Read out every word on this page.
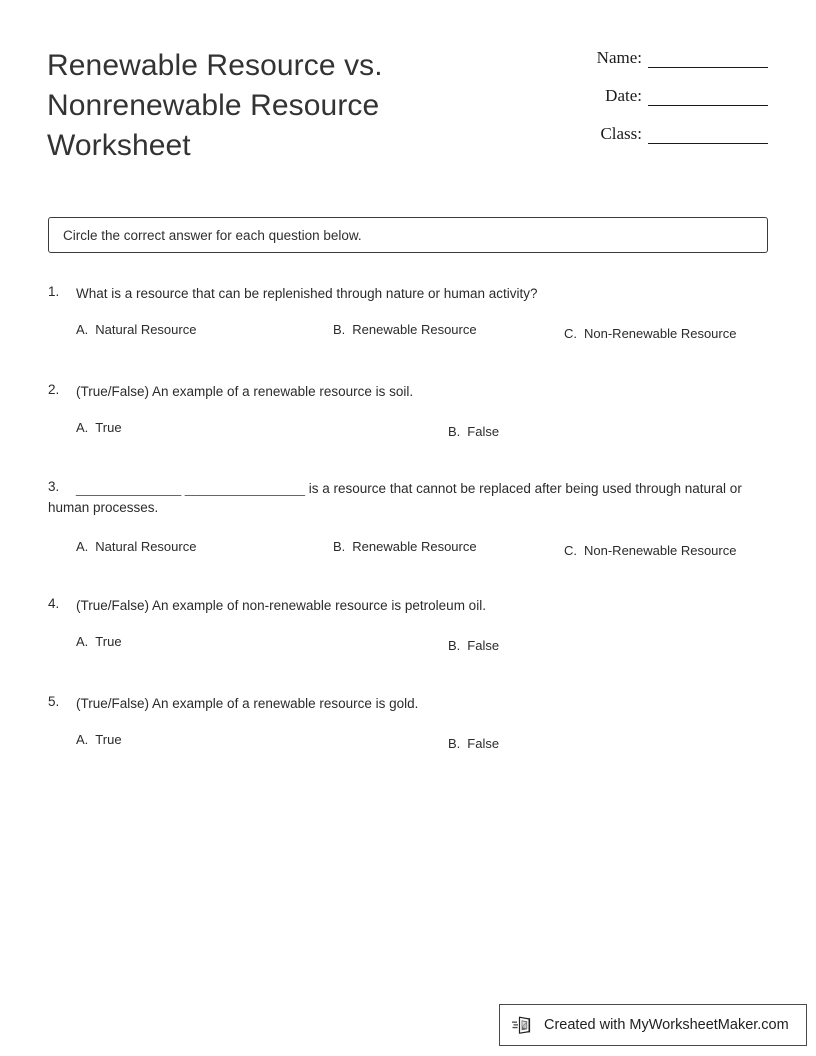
Renewable Resource vs. Nonrenewable Resource Worksheet
Name:
Date:
Class:
Circle the correct answer for each question below.
1.	What is a resource that can be replenished through nature or human activity?
A. Natural Resource	B. Renewable Resource	C. Non-Renewable Resource
2.	(True/False) An example of a renewable resource is soil.
A. True	B. False
3.	______________ ________________ is a resource that cannot be replaced after being used through natural or human processes.
A. Natural Resource	B. Renewable Resource	C. Non-Renewable Resource
4.	(True/False) An example of non-renewable resource is petroleum oil.
A. True	B. False
5.	(True/False) An example of a renewable resource is gold.
A. True	B. False
Created with MyWorksheetMaker.com
